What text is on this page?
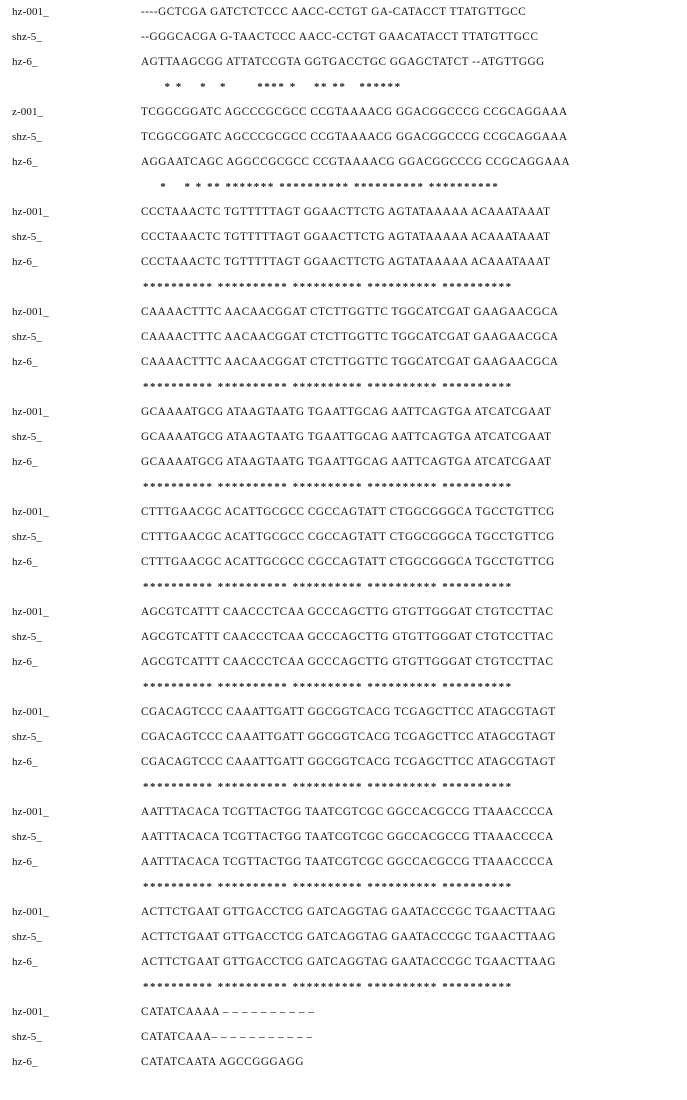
hz-001_	----GCTCGA GATCTCTCCC AACC-CCTGT GA-CATACCT TTATGTTGCC
shz-5_	--GGGCACGA G-TAACTCCC AACC-CCTGT GAACATACCT TTATGTTGCC
hz-6_	AGTTAAGCGG ATTATCCGTA GGTGACCTGC GGAGCTATCT --ATGTTGGG
* *    *   *       **** *    ** **   ******
z-001_	TCGGCGGATC AGCCCGCGCC CCGTAAAACG GGACGGCCCG CCGCAGGAAA
shz-5_	TCGGCGGATC AGCCCGCGCC CCGTAAAACG GGACGGCCCG CCGCAGGAAA
hz-6_	AGGAATCAGC AGGCCGCGCC CCGTAAAACG GGACGGCCCG CCGCAGGAAA
*    * * ** ******* ********** ********** **********
hz-001_	CCCTAAACTC TGTTTTTAGT GGAACTTCTG AGTATAAAAA ACAAATAAAT
shz-5_	CCCTAAACTC TGTTTTTAGT GGAACTTCTG AGTATAAAAA ACAAATAAAT
hz-6_	CCCTAAACTC TGTTTTTAGT GGAACTTCTG AGTATAAAAA ACAAATAAAT
********** ********** ********** ********** **********
hz-001_	CAAAACTTTC AACAACGGAT CTCTTGGTTC TGGCATCGAT GAAGAACGCA
shz-5_	CAAAACTTTC AACAACGGAT CTCTTGGTTC TGGCATCGAT GAAGAACGCA
hz-6_	CAAAACTTTC AACAACGGAT CTCTTGGTTC TGGCATCGAT GAAGAACGCA
********** ********** ********** ********** **********
hz-001_	GCAAAATGCG ATAAGTAATG TGAATTGCAG AATTCAGTGA ATCATCGAAT
shz-5_	GCAAAATGCG ATAAGTAATG TGAATTGCAG AATTCAGTGA ATCATCGAAT
hz-6_	GCAAAATGCG ATAAGTAATG TGAATTGCAG AATTCAGTGA ATCATCGAAT
********** ********** ********** ********** **********
hz-001_	CTTTGAACGC ACATTGCGCC CGCCAGTATT CTGGCGGGCA TGCCTGTTCG
shz-5_	CTTTGAACGC ACATTGCGCC CGCCAGTATT CTGGCGGGCA TGCCTGTTCG
hz-6_	CTTTGAACGC ACATTGCGCC CGCCAGTATT CTGGCGGGCA TGCCTGTTCG
********** ********** ********** ********** **********
hz-001_	AGCGTCATTT CAACCCTCAA GCCCAGCTTG GTGTTGGGAT CTGTCCTTAC
shz-5_	AGCGTCATTT CAACCCTCAA GCCCAGCTTG GTGTTGGGAT CTGTCCTTAC
hz-6_	AGCGTCATTT CAACCCTCAA GCCCAGCTTG GTGTTGGGAT CTGTCCTTAC
********** ********** ********** ********** **********
hz-001_	CGACAGTCCC CAAATTGATT GGCGGTCACG TCGAGCTTCC ATAGCGTAGT
shz-5_	CGACAGTCCC CAAATTGATT GGCGGTCACG TCGAGCTTCC ATAGCGTAGT
hz-6_	CGACAGTCCC CAAATTGATT GGCGGTCACG TCGAGCTTCC ATAGCGTAGT
********** ********** ********** ********** **********
hz-001_	AATTTACACA TCGTTACTGG TAATCGTCGC GGCCACGCCG TTAAACCCCA
shz-5_	AATTTACACA TCGTTACTGG TAATCGTCGC GGCCACGCCG TTAAACCCCA
hz-6_	AATTTACACA TCGTTACTGG TAATCGTCGC GGCCACGCCG TTAAACCCCA
********** ********** ********** ********** **********
hz-001_	ACTTCTGAAT GTTGACCTCG GATCAGGTAG GAATACCCGC TGAACTTAAG
shz-5_	ACTTCTGAAT GTTGACCTCG GATCAGGTAG GAATACCCGC TGAACTTAAG
hz-6_	ACTTCTGAAT GTTGACCTCG GATCAGGTAG GAATACCCGC TGAACTTAAG
********** ********** ********** ********** **********
hz-001_	CATATCAAAA – – – – – – – – – –
shz-5_	CATATCAAA– – – – – – – – – – –
hz-6_	CATATCAATA AGCCGGGAGG
